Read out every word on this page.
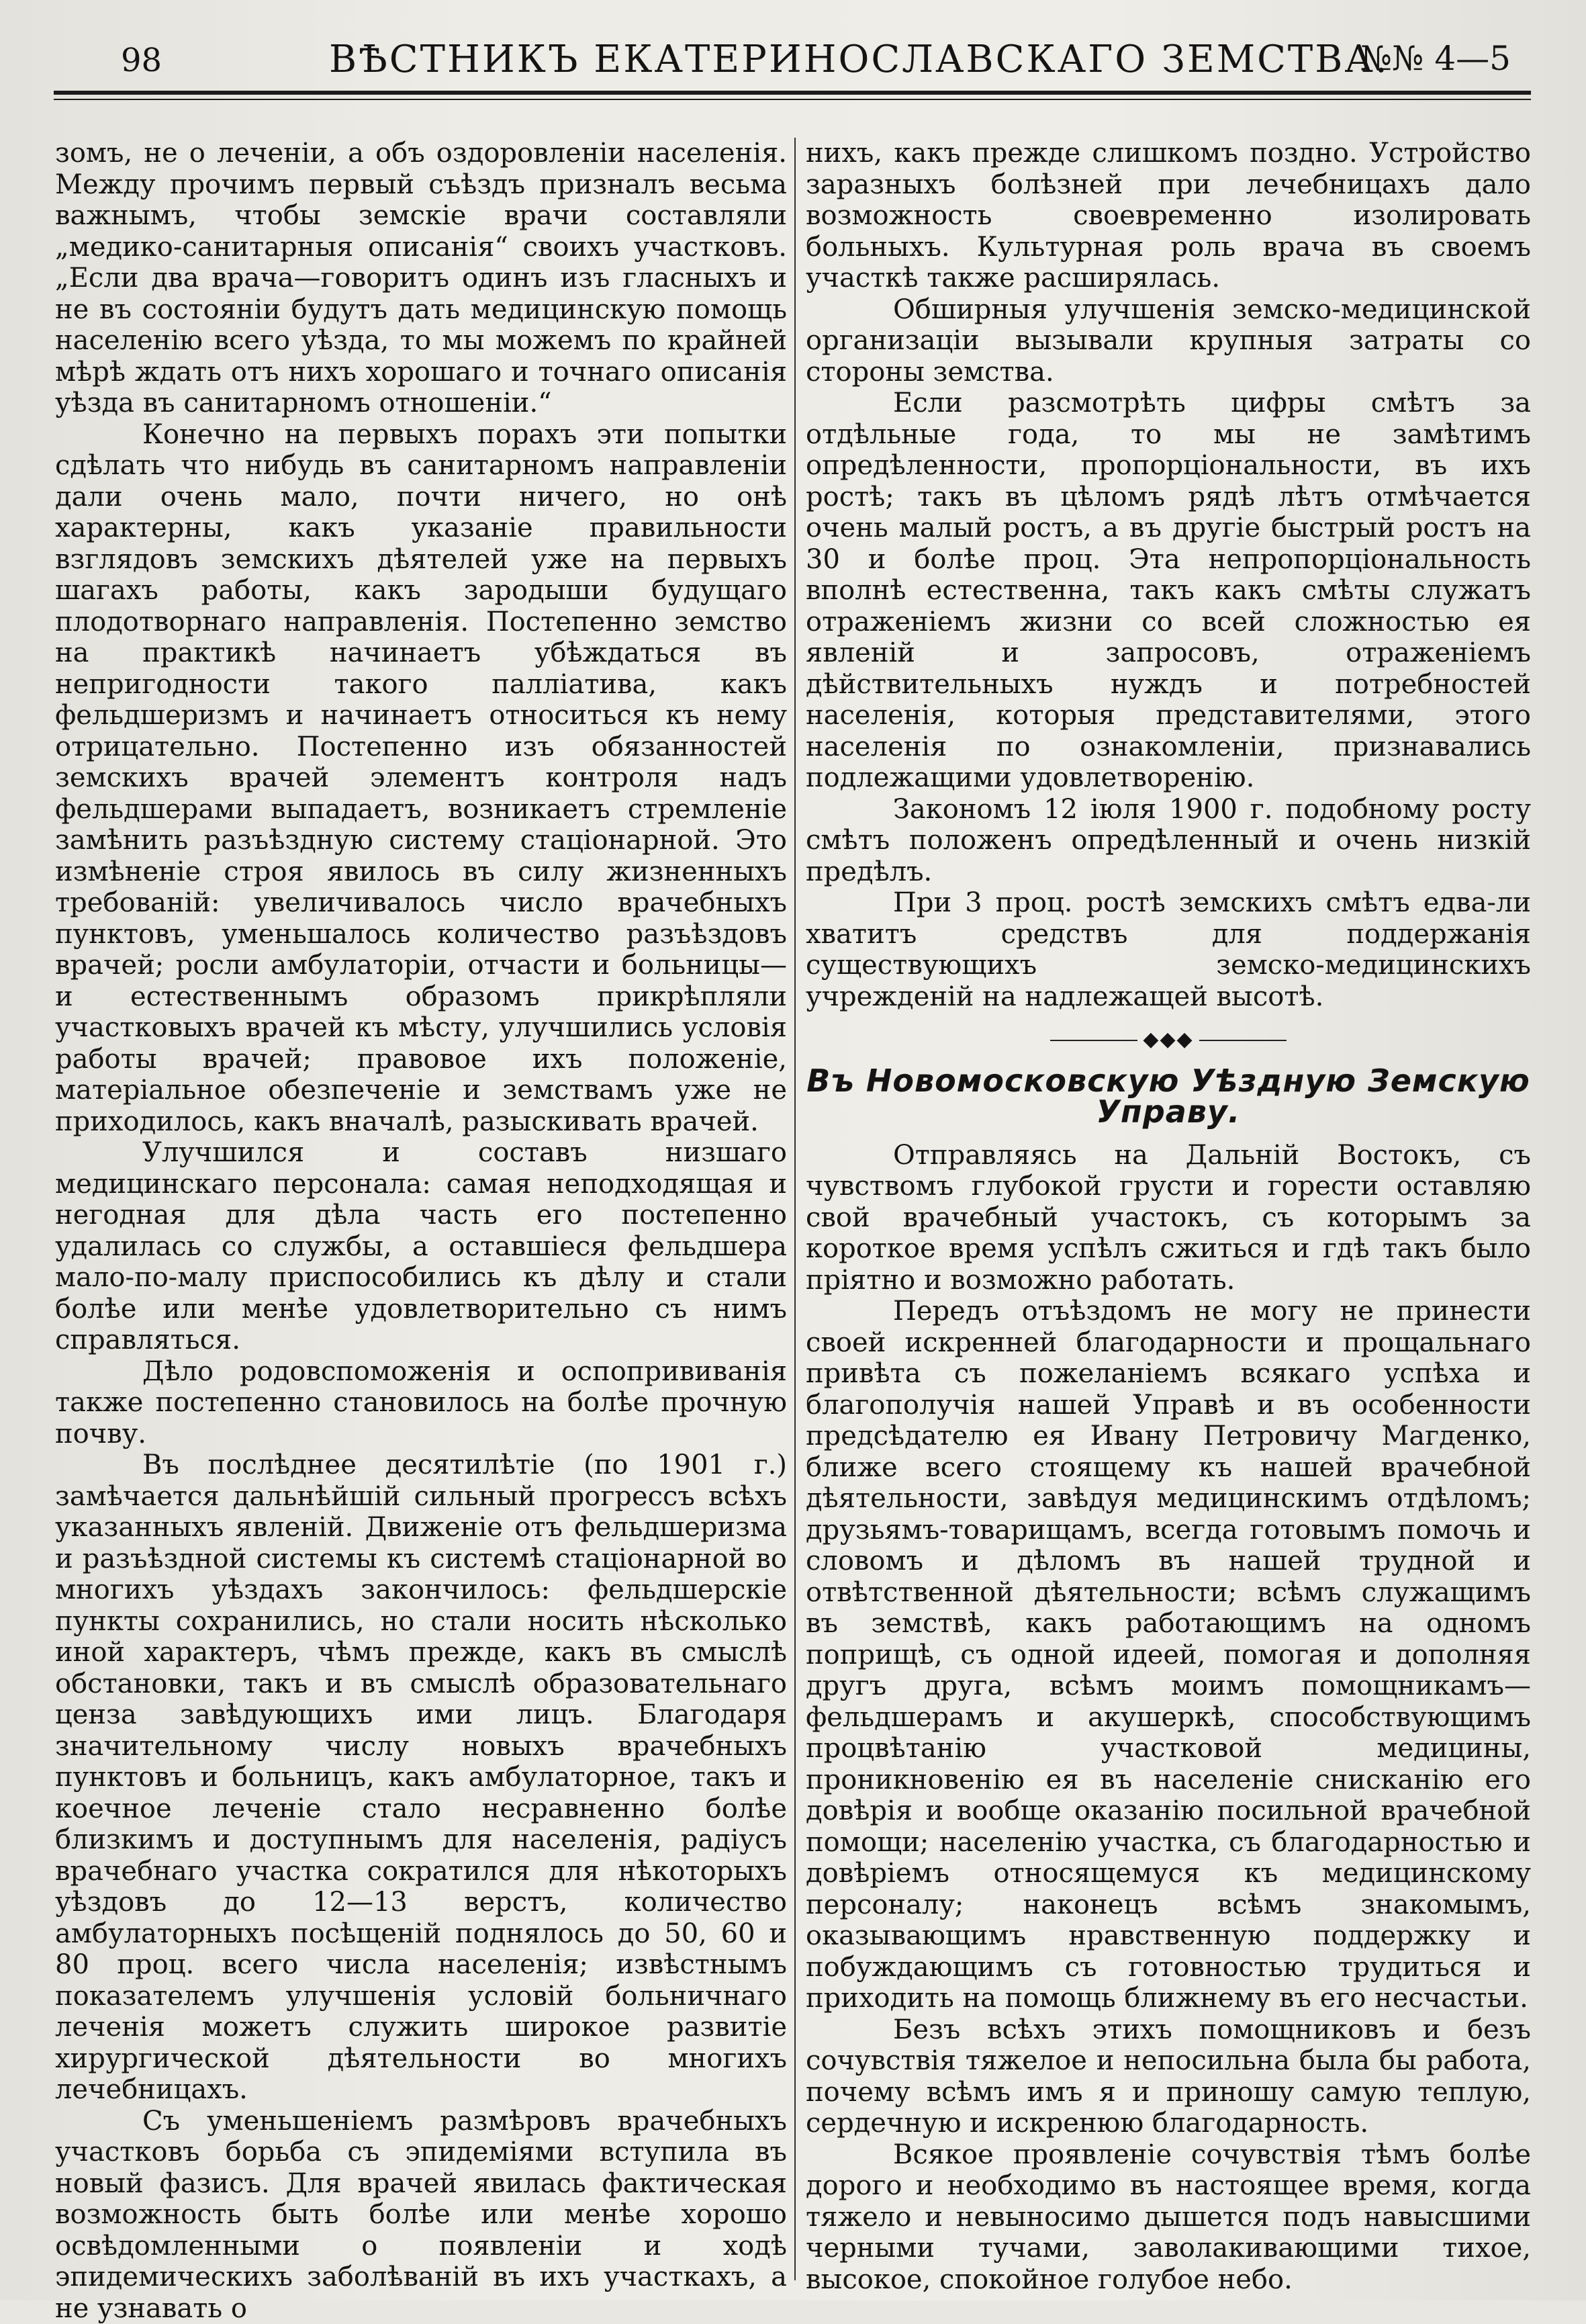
98	ВѢСТНИКЪ ЕКАТЕРИНОСЛАВСКАГО ЗЕМСТВА.
№№ 4—5

зомъ, не о леченіи, а объ оздоровленіи населенія. Между прочимъ первый съѣздъ призналъ весьма важнымъ, чтобы земскіе врачи составляли „медико-санитарныя описанія“ своихъ участковъ. „Если два врача—говоритъ одинъ изъ гласныхъ и не въ состояніи будутъ дать медицинскую помощь населенію всего уѣзда, то мы можемъ по крайней мѣрѣ ждать отъ нихъ хорошаго и точнаго описанія уѣзда въ санитарномъ отношеніи.“

Конечно на первыхъ порахъ эти попытки сдѣлать что нибудь въ санитарномъ направленіи дали очень мало, почти ничего, но онѣ характерны, какъ указаніе правильности взглядовъ земскихъ дѣятелей уже на первыхъ шагахъ работы, какъ зародыши будущаго плодотворнаго направленія. Постепенно земство на практикѣ начинаетъ убѣждаться въ непригодности такого палліатива, какъ фельдшеризмъ и начинаетъ относиться къ нему отрицательно. Постепенно изъ обязанностей земскихъ врачей элементъ контроля надъ фельдшерами выпадаетъ, возникаетъ стремленіе замѣнить разъѣздную систему стаціонарной. Это измѣненіе строя явилось въ силу жизненныхъ требованій: увеличивалось число врачебныхъ пунктовъ, уменьшалось количество разъѣздовъ врачей; росли амбулаторіи, отчасти и больницы—и естественнымъ образомъ прикрѣпляли участковыхъ врачей къ мѣсту, улучшились условія работы врачей; правовое ихъ положеніе, матеріальное обезпеченіе и земствамъ уже не приходилось, какъ вначалѣ, разыскивать врачей.

Улучшился и составъ низшаго медицинскаго персонала: самая неподходящая и негодная для дѣла часть его постепенно удалилась со службы, а оставшіеся фельдшера мало-по-малу приспособились къ дѣлу и стали болѣе или менѣе удовлетворительно съ нимъ справляться.

Дѣло родовспоможенія и оспопрививанія также постепенно становилось на болѣе прочную почву.

Въ послѣднее десятилѣтіе (по 1901 г.) замѣчается дальнѣйшій сильный прогрессъ всѣхъ указанныхъ явленій. Движеніе отъ фельдшеризма и разъѣздной системы къ системѣ стаціонарной во многихъ уѣздахъ закончилось: фельдшерскіе пункты сохранились, но стали носить нѣсколько иной характеръ, чѣмъ прежде, какъ въ смыслѣ обстановки, такъ и въ смыслѣ образовательнаго ценза завѣдующихъ ими лицъ. Благодаря значительному числу новыхъ врачебныхъ пунктовъ и больницъ, какъ амбулаторное, такъ и коечное леченіе стало несравненно болѣе близкимъ и доступнымъ для населенія, радіусъ врачебнаго участка сократился для нѣкоторыхъ уѣздовъ до 12—13 верстъ, количество амбулаторныхъ посѣщеній поднялось до 50, 60 и 80 проц. всего числа населенія; извѣстнымъ показателемъ улучшенія условій больничнаго леченія можетъ служить широкое развитіе хирургической дѣятельности во многихъ лечебницахъ.

Съ уменьшеніемъ размѣровъ врачебныхъ участковъ борьба съ эпидеміями вступила въ новый фазисъ. Для врачей явилась фактическая возможность быть болѣе или менѣе хорошо освѣдомленными о появленіи и ходѣ эпидемическихъ заболѣваній въ ихъ участкахъ, а не узнавать о

нихъ, какъ прежде слишкомъ поздно. Устройство заразныхъ болѣзней при лечебницахъ дало возможность своевременно изолировать больныхъ. Культурная роль врача въ своемъ участкѣ также расширялась.

Обширныя улучшенія земско-медицинской организаціи вызывали крупныя затраты со стороны земства.

Если разсмотрѣть цифры смѣтъ за отдѣльные года, то мы не замѣтимъ опредѣленности, пропорціональности, въ ихъ ростѣ; такъ въ цѣломъ рядѣ лѣтъ отмѣчается очень малый ростъ, а въ другіе быстрый ростъ на 30 и болѣе проц. Эта непропорціональность вполнѣ естественна, такъ какъ смѣты служатъ отраженіемъ жизни со всей сложностью ея явленій и запросовъ, отраженіемъ дѣйствительныхъ нуждъ и потребностей населенія, которыя представителями, этого населенія по ознакомленіи, признавались подлежащими удовлетворенію.

Закономъ 12 іюля 1900 г. подобному росту смѣтъ положенъ опредѣленный и очень низкій предѣлъ.

При 3 проц. ростѣ земскихъ смѣтъ едва-ли хватитъ средствъ для поддержанія существующихъ земско-медицинскихъ учрежденій на надлежащей высотѣ.

◆◆◆
Въ Новомосковскую Уѣздную Земскую Управу.

Отправляясь на Дальній Востокъ, съ чувствомъ глубокой грусти и горести оставляю свой врачебный участокъ, съ которымъ за короткое время успѣлъ сжиться и гдѣ такъ было пріятно и возможно работать.

Передъ отъѣздомъ не могу не принести своей искренней благодарности и прощальнаго привѣта съ пожеланіемъ всякаго успѣха и благополучія нашей Управѣ и въ особенности предсѣдателю ея Ивану Петровичу Магденко, ближе всего стоящему къ нашей врачебной дѣятельности, завѣдуя медицинскимъ отдѣломъ; друзьямъ-товарищамъ, всегда готовымъ помочь и словомъ и дѣломъ въ нашей трудной и отвѣтственной дѣятельности; всѣмъ служащимъ въ земствѣ, какъ работающимъ на одномъ поприщѣ, съ одной идеей, помогая и дополняя другъ друга, всѣмъ моимъ помощникамъ—фельдшерамъ и акушеркѣ, способствующимъ процвѣтанію участковой медицины, проникновенію ея въ населеніе снисканію его довѣрія и вообще оказанію посильной врачебной помощи; населенію участка, съ благодарностью и довѣріемъ относящемуся къ медицинскому персоналу; наконецъ всѣмъ знакомымъ, оказывающимъ нравственную поддержку и побуждающимъ съ готовностью трудиться и приходить на помощь ближнему въ его несчастьи.

Безъ всѣхъ этихъ помощниковъ и безъ сочувствія тяжелое и непосильна была бы работа, почему всѣмъ имъ я и приношу самую теплую, сердечную и искренюю благодарность.

Всякое проявленіе сочувствія тѣмъ болѣе дорого и необходимо въ настоящее время, когда тяжело и невыносимо дышется подъ навысшими черными тучами, заволакивающими тихое, высокое, спокойное голубое небо.
